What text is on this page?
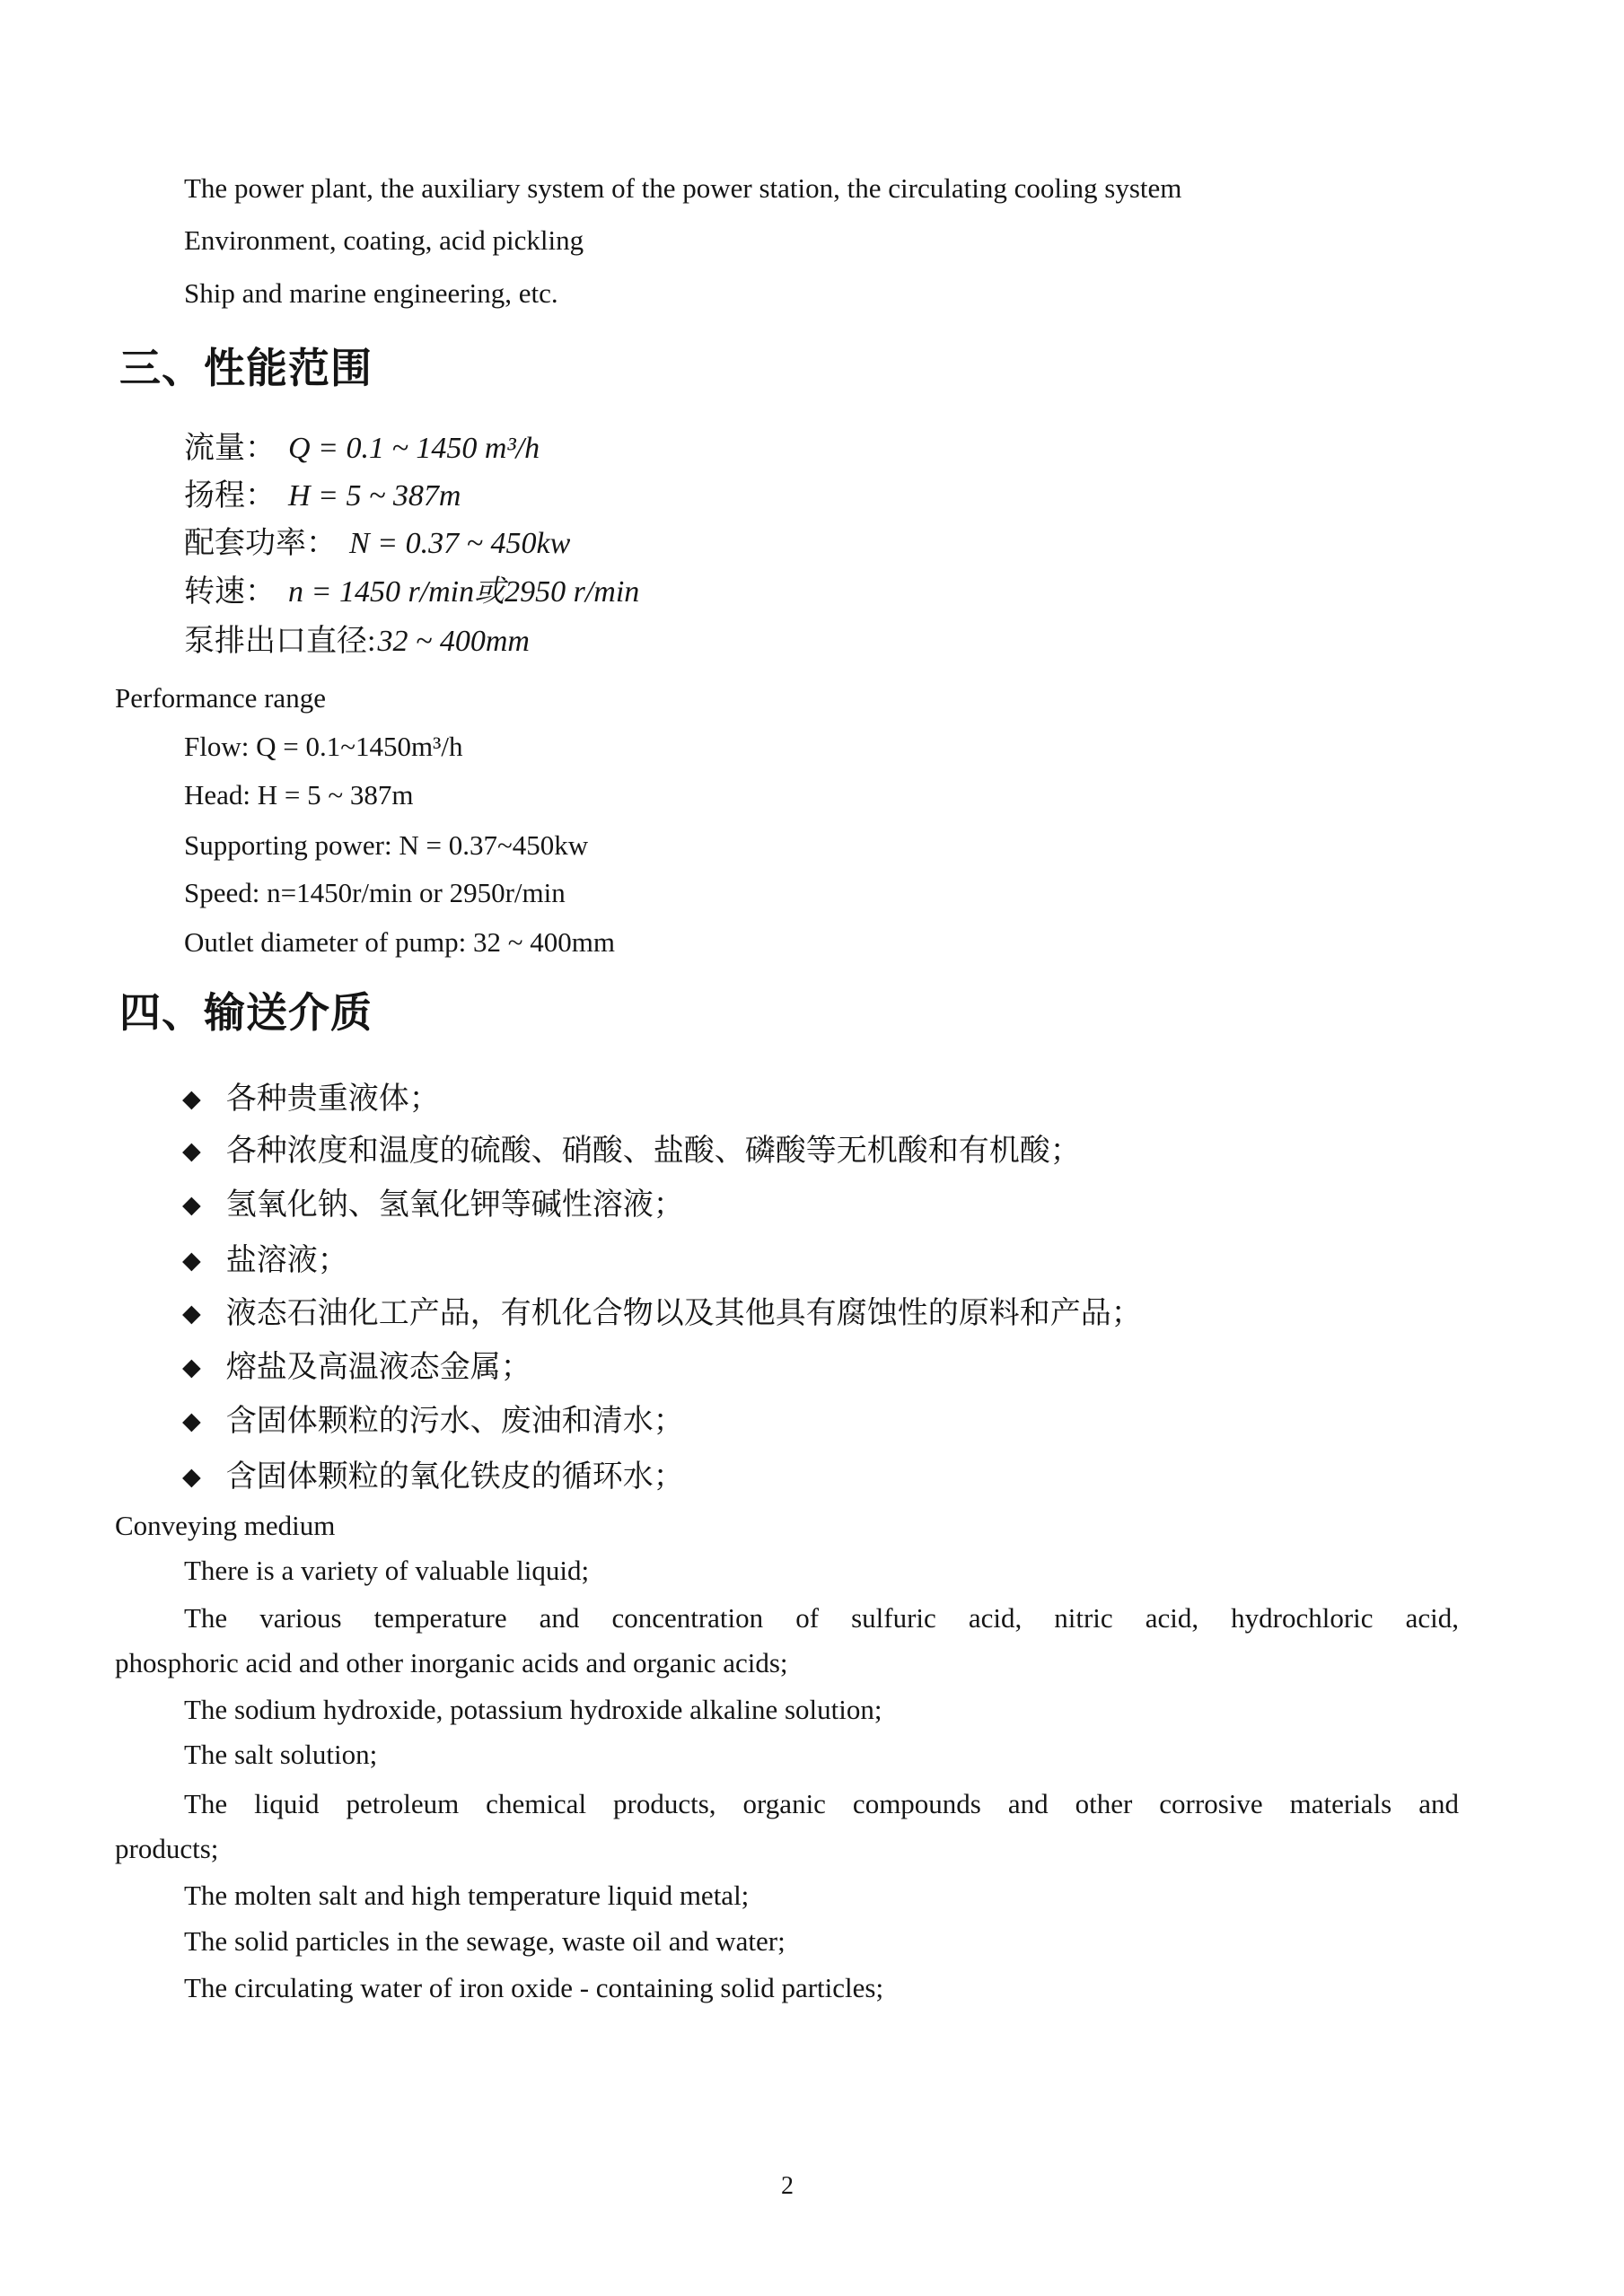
The power plant, the auxiliary system of the power station, the circulating cooling system
Environment, coating, acid pickling
Ship and marine engineering, etc.
三、性能范围
流量： Q = 0.1 ~ 1450 m³/h
扬程： H = 5 ~ 387m
配套功率： N = 0.37 ~ 450kw
转速： n = 1450 r/min或2950 r/min
泵排出口直径:32 ~ 400mm
Performance range
Flow: Q = 0.1~1450m³/h
Head: H = 5 ~ 387m
Supporting power: N = 0.37~450kw
Speed: n=1450r/min or 2950r/min
Outlet diameter of pump: 32 ~ 400mm
四、输送介质
◆ 各种贵重液体；
◆ 各种浓度和温度的硫酸、硝酸、盐酸、磷酸等无机酸和有机酸；
◆ 氢氧化钠、氢氧化钾等碱性溶液；
◆ 盐溶液；
◆ 液态石油化工产品，有机化合物以及其他具有腐蚀性的原料和产品；
◆ 熔盐及高温液态金属；
◆ 含固体颗粒的污水、废油和清水；
◆ 含固体颗粒的氧化铁皮的循环水；
Conveying medium
There is a variety of valuable liquid;
The various temperature and concentration of sulfuric acid, nitric acid, hydrochloric acid,
phosphoric acid and other inorganic acids and organic acids;
The sodium hydroxide, potassium hydroxide alkaline solution;
The salt solution;
The liquid petroleum chemical products, organic compounds and other corrosive materials and
products;
The molten salt and high temperature liquid metal;
The solid particles in the sewage, waste oil and water;
The circulating water of iron oxide - containing solid particles;
2
